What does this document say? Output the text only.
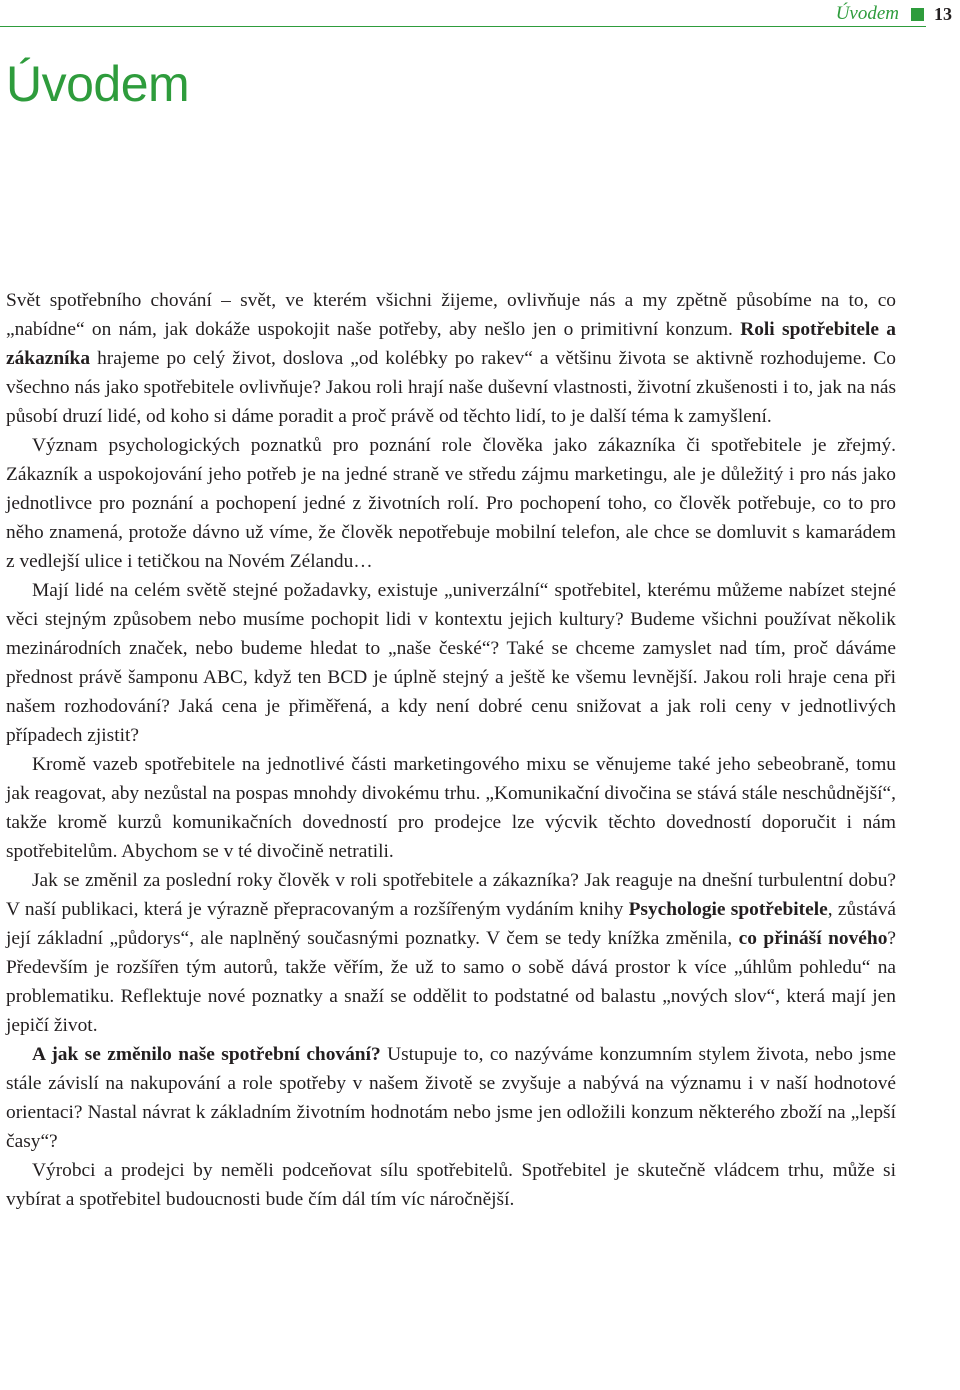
Úvodem 13
Úvodem

Svět spotřebního chování – svět, ve kterém všichni žijeme, ovlivňuje nás a my zpětně působíme na to, co „nabídne“ on nám, jak dokáže uspokojit naše potřeby, aby nešlo jen o primitivní konzum. Roli spotřebitele a zákazníka hrajeme po celý život, doslova „od kolébky po rakev“ a většinu života se aktivně rozhodujeme. Co všechno nás jako spotřebitele ovlivňuje? Jakou roli hrají naše duševní vlastnosti, životní zkušenosti i to, jak na nás působí druzí lidé, od koho si dáme poradit a proč právě od těchto lidí, to je další téma k zamyšlení.

Význam psychologických poznatků pro poznání role člověka jako zákazníka či spotřebitele je zřejmý. Zákazník a uspokojování jeho potřeb je na jedné straně ve středu zájmu marketingu, ale je důležitý i pro nás jako jednotlivce pro poznání a pochopení jedné z životních rolí. Pro pochopení toho, co člověk potřebuje, co to pro něho znamená, protože dávno už víme, že člověk nepotřebuje mobilní telefon, ale chce se domluvit s kamarádem z vedlejší ulice i tetičkou na Novém Zélandu…

Mají lidé na celém světě stejné požadavky, existuje „univerzální“ spotřebitel, kterému můžeme nabízet stejné věci stejným způsobem nebo musíme pochopit lidi v kontextu jejich kultury? Budeme všichni používat několik mezinárodních značek, nebo budeme hledat to „naše české“? Také se chceme zamyslet nad tím, proč dáváme přednost právě šamponu ABC, když ten BCD je úplně stejný a ještě ke všemu levnější. Jakou roli hraje cena při našem rozhodování? Jaká cena je přiměřená, a kdy není dobré cenu snižovat a jak roli ceny v jednotlivých případech zjistit?

Kromě vazeb spotřebitele na jednotlivé části marketingového mixu se věnujeme také jeho sebeobraně, tomu jak reagovat, aby nezůstal na pospas mnohdy divokému trhu. „Komunikační divočina se stává stále neschůdnější“, takže kromě kurzů komunikačních dovedností pro prodejce lze výcvik těchto dovedností doporučit i nám spotřebitelům. Abychom se v té divočině netratili.

Jak se změnil za poslední roky člověk v roli spotřebitele a zákazníka? Jak reaguje na dnešní turbulentní dobu? V naší publikaci, která je výrazně přepracovaným a rozšířeným vydáním knihy Psychologie spotřebitele, zůstává její základní „půdorys“, ale naplněný současnými poznatky. V čem se tedy knížka změnila, co přináší nového? Především je rozšířen tým autorů, takže věřím, že už to samo o sobě dává prostor k více „úhlům pohledu“ na problematiku. Reflektuje nové poznatky a snaží se oddělit to podstatné od balastu „nových slov“, která mají jen jepičí život.

A jak se změnilo naše spotřební chování? Ustupuje to, co nazýváme konzumním stylem života, nebo jsme stále závislí na nakupování a role spotřeby v našem životě se zvyšuje a nabývá na významu i v naší hodnotové orientaci? Nastal návrat k základním životním hodnotám nebo jsme jen odložili konzum některého zboží na „lepší časy“?

Výrobci a prodejci by neměli podceňovat sílu spotřebitelů. Spotřebitel je skutečně vládcem trhu, může si vybírat a spotřebitel budoucnosti bude čím dál tím víc náročnější.
